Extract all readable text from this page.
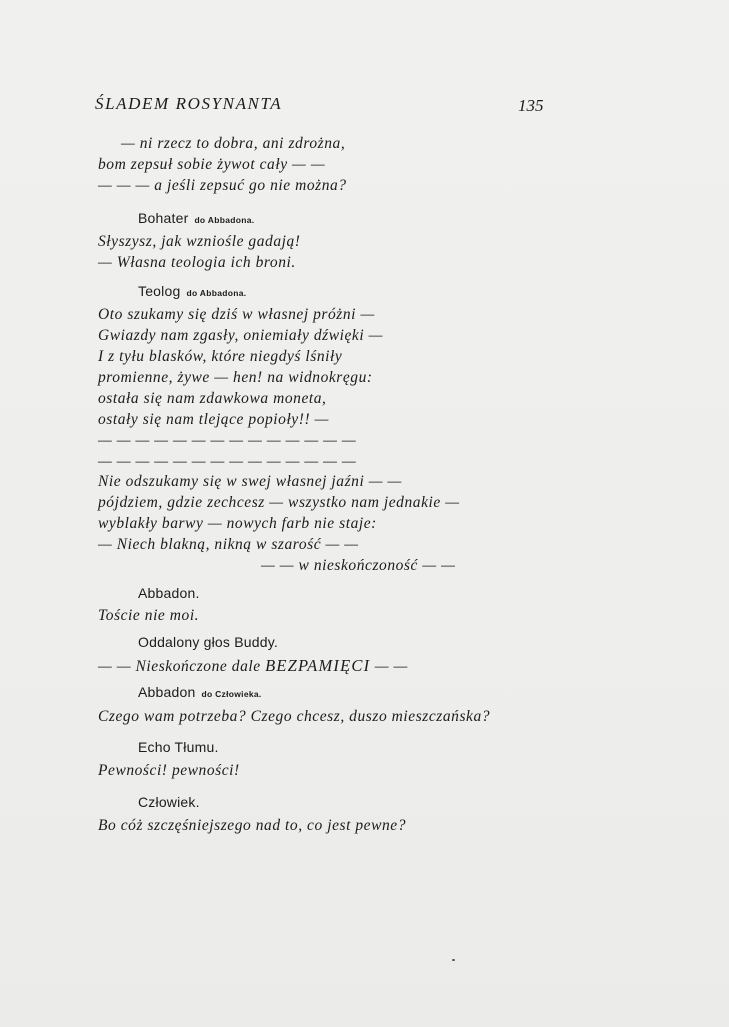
ŚLADEM ROSYNANTA	135
— ni rzecz to dobra, ani zdrożna,
bom zepsuł sobie żywot cały — —
— — — a jeśli zepsuć go nie można?
Bohater do Abbadona.
Słyszysz, jak wzniośle gadają!
— Własna teologia ich broni.
Teolog do Abbadona.
Oto szukamy się dziś w własnej próżni —
Gwiazdy nam zgasły, oniemiały dźwięki —
I z tyłu blasków, które niegdyś lśniły
promienne, żywe — hen! na widnokręgu:
ostała się nam zdawkowa moneta,
ostały się nam tlejące popioły!! —
— — — — — — — — — — — — — —
— — — — — — — — — — — — — —
Nie odszukamy się w swej własnej jaźni — —
pójdziem, gdzie zechcesz — wszystko nam jednakie —
wyblakły barwy — nowych farb nie staje:
— Niech blakną, nikną w szarość — —
— — w nieskończoność — —
Abbadon.
Toście nie moi.
Oddalony głos Buddy.
— — Nieskończone dale BEZPAMIĘCI — —
Abbadon do Człowieka.
Czego wam potrzeba? Czego chcesz, duszo mieszczańska?
Echo Tłumu.
Pewności! pewności!
Człowiek.
Bo cóż szczęśniejszego nad to, co jest pewne?
